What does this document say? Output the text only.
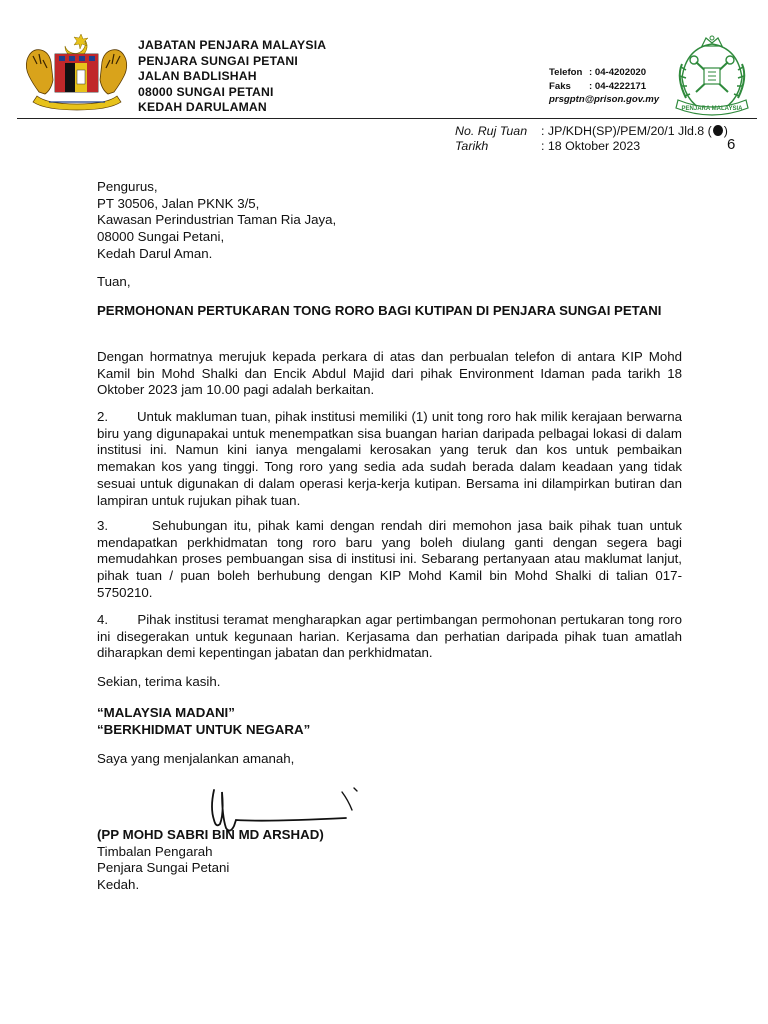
JABATAN PENJARA MALAYSIA
PENJARA SUNGAI PETANI
JALAN BADLISHAH
08000 SUNGAI PETANI
KEDAH DARULAMAN
Telefon : 04-4202020
Faks : 04-4222171
prsgptn@prison.gov.my
PENJARA MALAYSIA
No. Ruj Tuan
Tarikh
: JP/KDH(SP)/PEM/20/1 Jld.8 ( )
: 18 Oktober 2023	6
Pengurus,
PT 30506, Jalan PKNK 3/5,
Kawasan Perindustrian Taman Ria Jaya,
08000 Sungai Petani,
Kedah Darul Aman.
Tuan,
PERMOHONAN PERTUKARAN TONG RORO BAGI KUTIPAN DI PENJARA SUNGAI PETANI
Dengan hormatnya merujuk kepada perkara di atas dan perbualan telefon di antara KIP Mohd Kamil bin Mohd Shalki dan Encik Abdul Majid dari pihak Environment Idaman pada tarikh 18 Oktober 2023 jam 10.00 pagi adalah berkaitan.
2.       Untuk makluman tuan, pihak institusi memiliki (1) unit tong roro hak milik kerajaan berwarna biru yang digunapakai untuk menempatkan sisa buangan harian daripada pelbagai lokasi di dalam institusi ini. Namun kini ianya mengalami kerosakan yang teruk dan kos untuk pembaikan memakan kos yang tinggi. Tong roro yang sedia ada sudah berada dalam keadaan yang tidak sesuai untuk digunakan di dalam operasi kerja-kerja kutipan. Bersama ini dilampirkan butiran dan lampiran untuk rujukan pihak tuan.
3.       Sehubungan itu, pihak kami dengan rendah diri memohon jasa baik pihak tuan untuk mendapatkan perkhidmatan tong roro baru yang boleh diulang ganti dengan segera bagi memudahkan proses pembuangan sisa di institusi ini. Sebarang pertanyaan atau maklumat lanjut, pihak tuan / puan boleh berhubung dengan KIP Mohd Kamil bin Mohd Shalki di talian 017-5750210.
4.       Pihak institusi teramat mengharapkan agar pertimbangan permohonan pertukaran tong roro ini disegerakan untuk kegunaan harian. Kerjasama dan perhatian daripada pihak tuan amatlah diharapkan demi kepentingan jabatan dan perkhidmatan.
Sekian, terima kasih.
“MALAYSIA MADANI”
“BERKHIDMAT UNTUK NEGARA”
Saya yang menjalankan amanah,
(PP MOHD SABRI BIN MD ARSHAD)
Timbalan Pengarah
Penjara Sungai Petani
Kedah.
